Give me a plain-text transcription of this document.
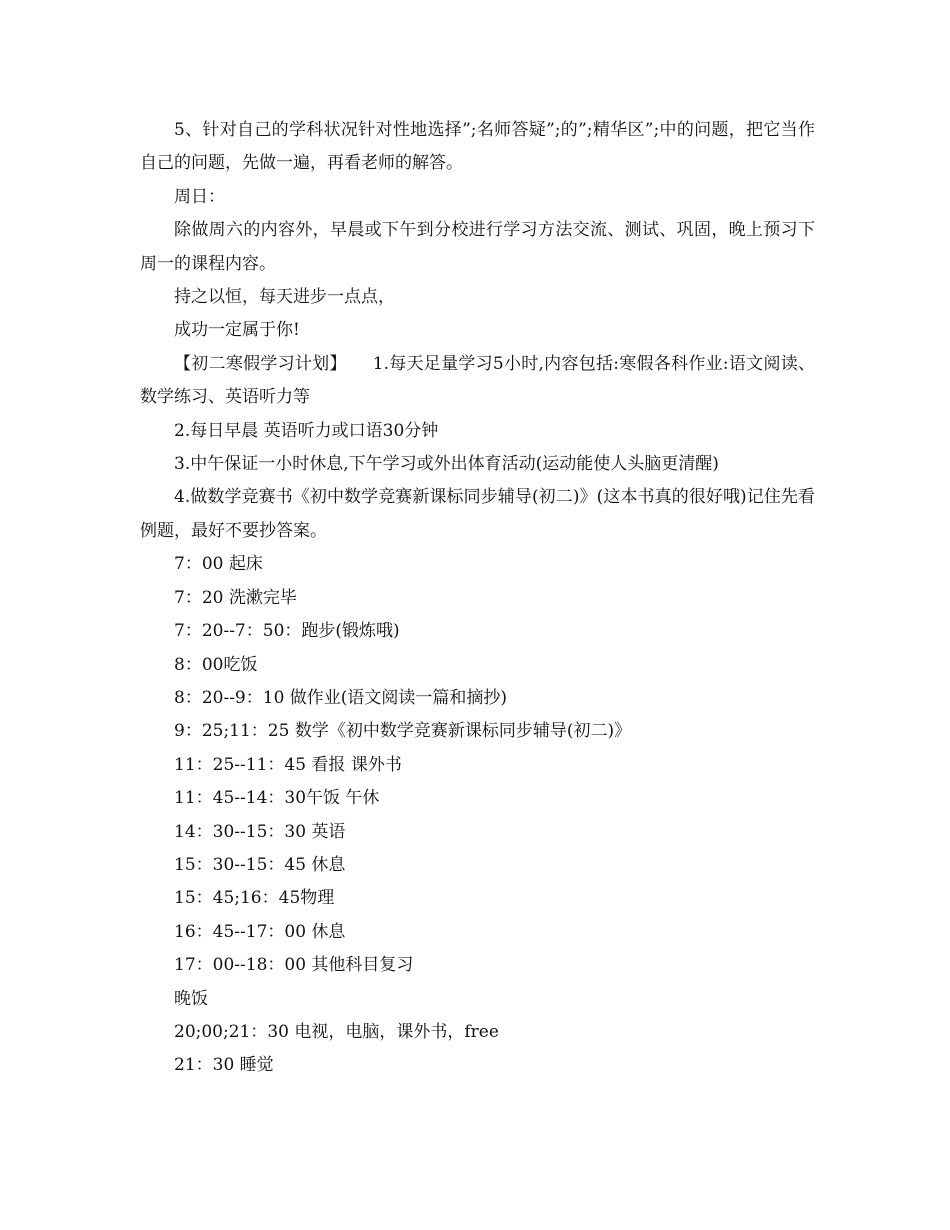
5、针对自己的学科状况针对性地选择”;名师答疑”;的”;精华区”;中的问题，把它当作自己的问题，先做一遍，再看老师的解答。

周日：

除做周六的内容外，早晨或下午到分校进行学习方法交流、测试、巩固，晚上预习下周一的课程内容。

持之以恒，每天进步一点点，

成功一定属于你!

【初二寒假学习计划】　　1.每天足量学习5小时,内容包括:寒假各科作业:语文阅读、数学练习、英语听力等

2.每日早晨 英语听力或口语30分钟

3.中午保证一小时休息,下午学习或外出体育活动(运动能使人头脑更清醒)

4.做数学竞赛书《初中数学竞赛新课标同步辅导(初二)》(这本书真的很好哦)记住先看例题，最好不要抄答案。

7：00 起床

7：20 洗漱完毕

7：20--7：50：跑步(锻炼哦)

8：00吃饭

8：20--9：10 做作业(语文阅读一篇和摘抄)

9：25;11：25 数学《初中数学竞赛新课标同步辅导(初二)》

11：25--11：45 看报 课外书

11：45--14：30午饭 午休

14：30--15：30 英语

15：30--15：45 休息

15：45;16：45物理

16：45--17：00 休息

17：00--18：00 其他科目复习

晚饭

20;00;21：30 电视，电脑，课外书，free

21：30 睡觉
